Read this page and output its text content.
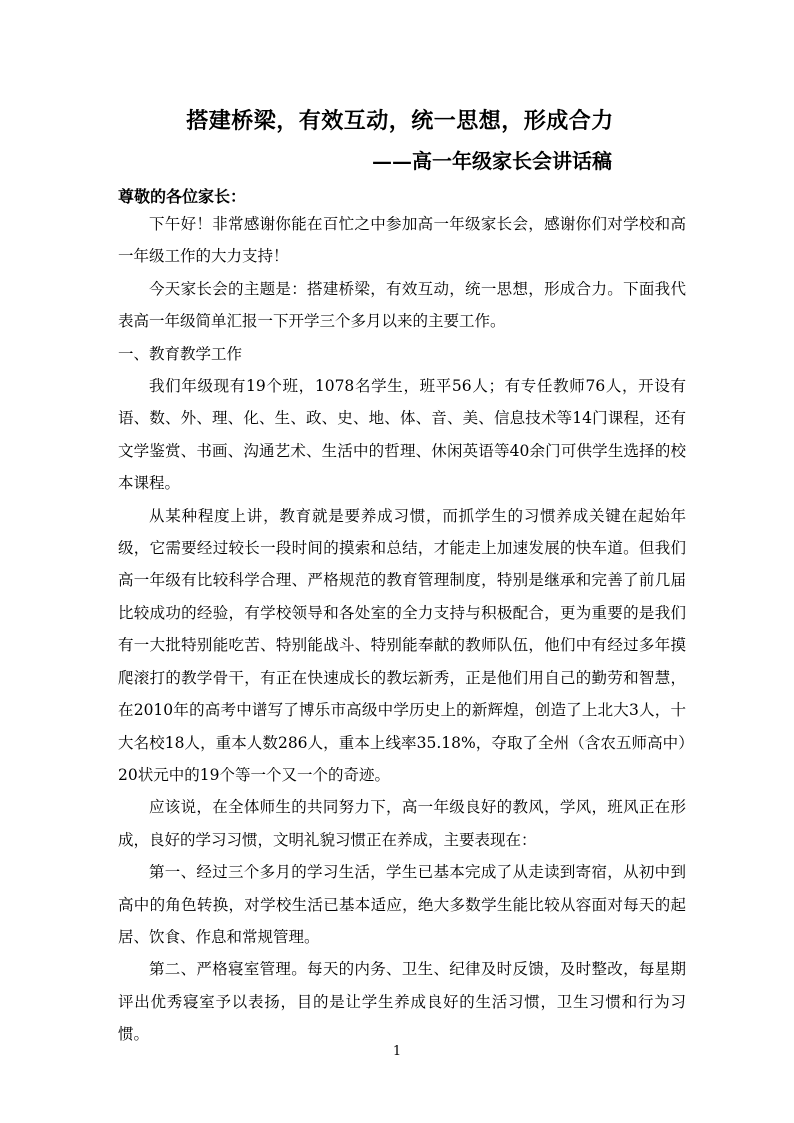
搭建桥梁，有效互动，统一思想，形成合力
——高一年级家长会讲话稿
尊敬的各位家长：

下午好！非常感谢你能在百忙之中参加高一年级家长会，感谢你们对学校和高一年级工作的大力支持！

今天家长会的主题是：搭建桥梁，有效互动，统一思想，形成合力。下面我代表高一年级简单汇报一下开学三个多月以来的主要工作。

一、教育教学工作

我们年级现有19个班，1078名学生，班平56人；有专任教师76人，开设有语、数、外、理、化、生、政、史、地、体、音、美、信息技术等14门课程，还有文学鉴赏、书画、沟通艺术、生活中的哲理、休闲英语等40余门可供学生选择的校本课程。

从某种程度上讲，教育就是要养成习惯，而抓学生的习惯养成关键在起始年级，它需要经过较长一段时间的摸索和总结，才能走上加速发展的快车道。但我们高一年级有比较科学合理、严格规范的教育管理制度，特别是继承和完善了前几届比较成功的经验，有学校领导和各处室的全力支持与积极配合，更为重要的是我们有一大批特别能吃苦、特别能战斗、特别能奉献的教师队伍，他们中有经过多年摸爬滚打的教学骨干，有正在快速成长的教坛新秀，正是他们用自己的勤劳和智慧，在2010年的高考中谱写了博乐市高级中学历史上的新辉煌，创造了上北大3人，十大名校18人，重本人数286人，重本上线率35.18%，夺取了全州（含农五师高中）20状元中的19个等一个又一个的奇迹。

应该说，在全体师生的共同努力下，高一年级良好的教风，学风，班风正在形成，良好的学习习惯，文明礼貌习惯正在养成，主要表现在：

第一、经过三个多月的学习生活，学生已基本完成了从走读到寄宿，从初中到高中的角色转换，对学校生活已基本适应，绝大多数学生能比较从容面对每天的起居、饮食、作息和常规管理。

第二、严格寝室管理。每天的内务、卫生、纪律及时反馈，及时整改，每星期评出优秀寝室予以表扬，目的是让学生养成良好的生活习惯，卫生习惯和行为习惯。

1
